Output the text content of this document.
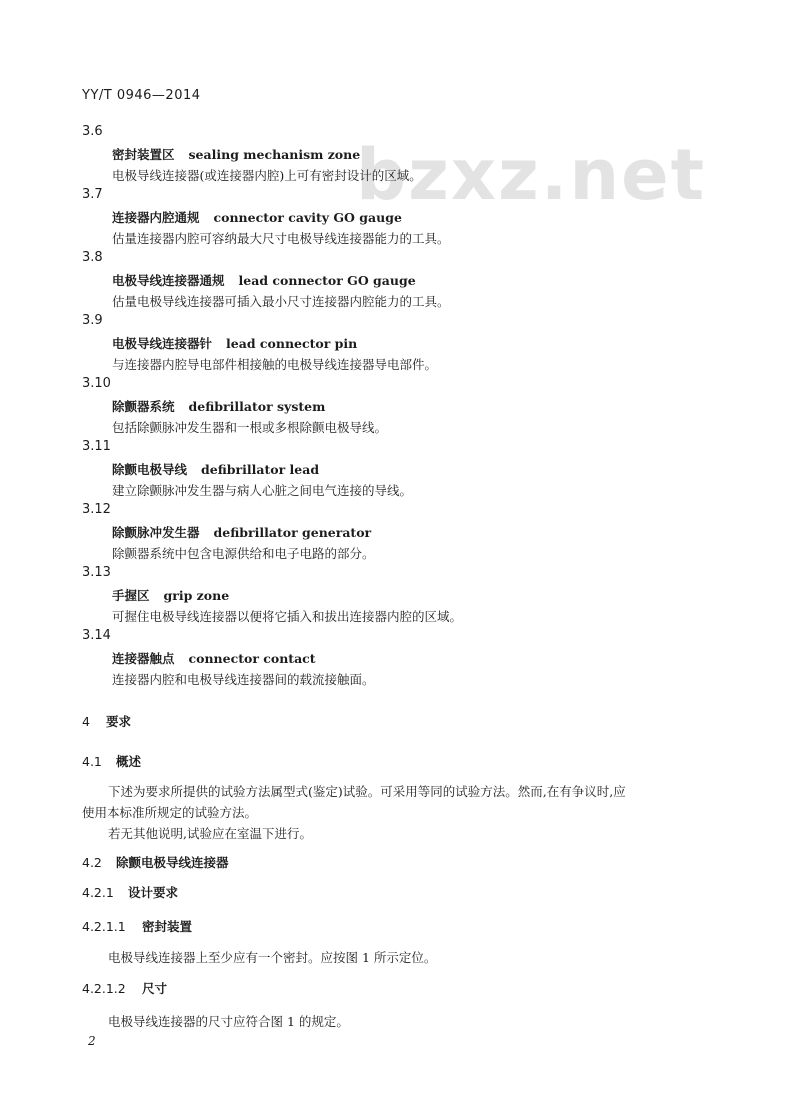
YY/T 0946—2014
bzxz.net
3.6
密封装置区 sealing mechanism zone
电极导线连接器(或连接器内腔)上可有密封设计的区域。
3.7
连接器内腔通规 connector cavity GO gauge
估量连接器内腔可容纳最大尺寸电极导线连接器能力的工具。
3.8
电极导线连接器通规 lead connector GO gauge
估量电极导线连接器可插入最小尺寸连接器内腔能力的工具。
3.9
电极导线连接器针 lead connector pin
与连接器内腔导电部件相接触的电极导线连接器导电部件。
3.10
除颤器系统 defibrillator system
包括除颤脉冲发生器和一根或多根除颤电极导线。
3.11
除颤电极导线 defibrillator lead
建立除颤脉冲发生器与病人心脏之间电气连接的导线。
3.12
除颤脉冲发生器 defibrillator generator
除颤器系统中包含电源供给和电子电路的部分。
3.13
手握区 grip zone
可握住电极导线连接器以便将它插入和拔出连接器内腔的区域。
3.14
连接器触点 connector contact
连接器内腔和电极导线连接器间的载流接触面。
4 要求
4.1 概述
下述为要求所提供的试验方法属型式(鉴定)试验。可采用等同的试验方法。然而,在有争议时,应
使用本标准所规定的试验方法。
若无其他说明,试验应在室温下进行。
4.2 除颤电极导线连接器
4.2.1 设计要求
4.2.1.1 密封装置
电极导线连接器上至少应有一个密封。应按图 1 所示定位。
4.2.1.2 尺寸
电极导线连接器的尺寸应符合图 1 的规定。
2
